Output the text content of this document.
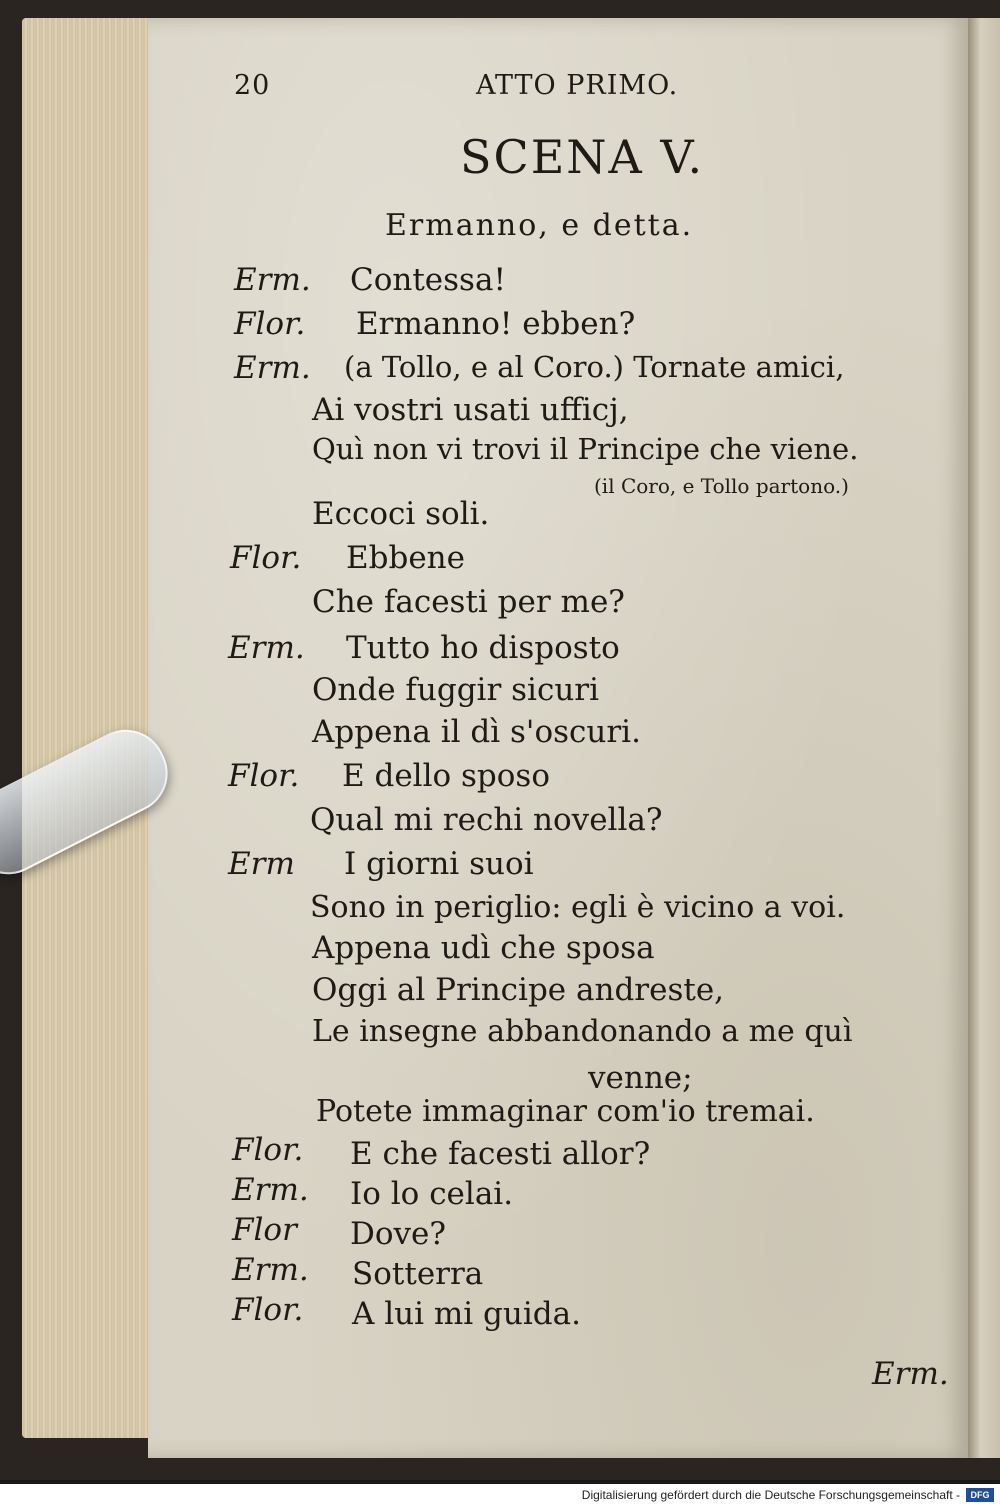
20	ATTO PRIMO.
SCENA V.
Ermanno, e detta.
Erm. Contessa!
Flor. Ermanno! ebben?
Erm. (a Tollo, e al Coro.) Tornate amici,
Ai vostri usati ufficj,
Quì non vi trovi il Principe che viene.
(il Coro, e Tollo partono.)
Eccoci soli.
Flor. Ebbene
Che facesti per me?
Erm. Tutto ho disposto
Onde fuggir sicuri
Appena il dì s'oscuri.
Flor. E dello sposo
Qual mi rechi novella?
Erm I giorni suoi
Sono in periglio: egli è vicino a voi.
Appena udì che sposa
Oggi al Principe andreste,
Le insegne abbandonando a me quì
venne;
Potete immaginar com'io tremai.
Flor. E che facesti allor?
Erm. Io lo celai.
Flor Dove?
Erm. Sotterra
Flor. A lui mi guida.
Erm.
Digitalisierung gefördert durch die Deutsche Forschungsgemeinschaft -	DFG
